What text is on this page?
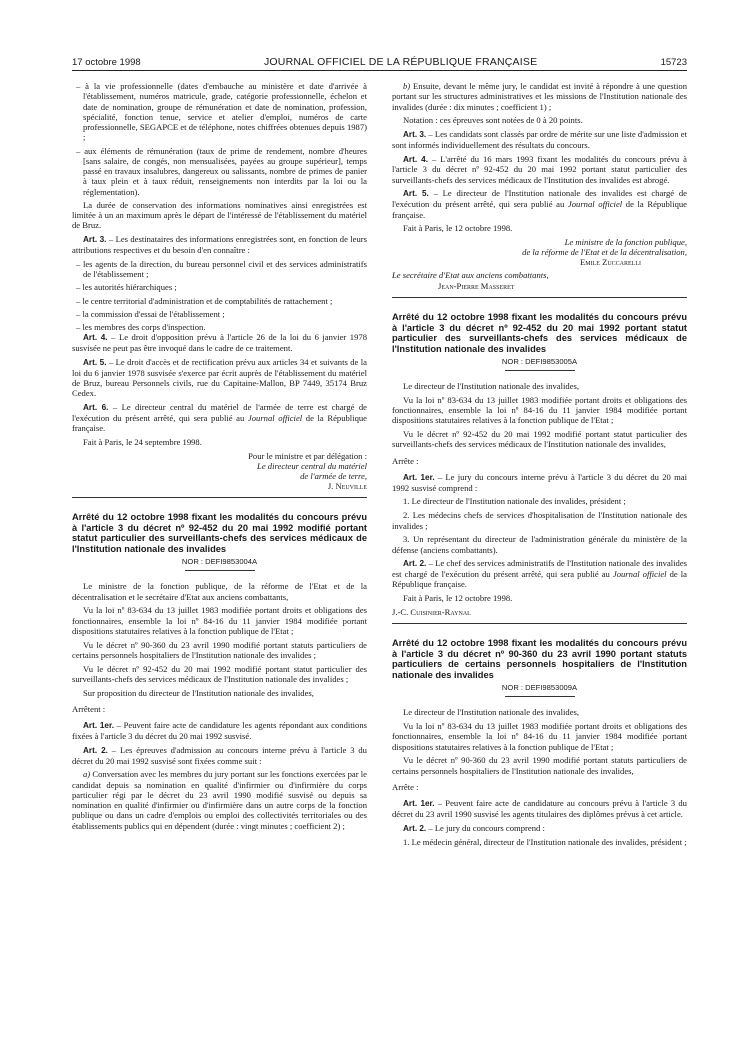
17 octobre 1998	JOURNAL OFFICIEL DE LA RÉPUBLIQUE FRANÇAISE	15723

– à la vie professionnelle (dates d'embauche au ministère et date d'arrivée à l'établissement, numéros matricule, grade, catégorie professionnelle, échelon et date de nomination, groupe de rémunération et date de nomination, profession, spécialité, fonction tenue, service et atelier d'emploi, numéros de carte professionnelle, SEGAPCE et de téléphone, notes chiffrées obtenues depuis 1987) ;

– aux éléments de rémunération (taux de prime de rendement, nombre d'heures [sans salaire, de congés, non mensualisées, payées au groupe supérieur], temps passé en travaux insalubres, dangereux ou salissants, nombre de primes de panier à taux plein et à taux réduit, renseignements non interdits par la loi ou la réglementation).

La durée de conservation des informations nominatives ainsi enregistrées est limitée à un an maximum après le départ de l'intéressé de l'établissement du matériel de Bruz.

Art. 3. – Les destinataires des informations enregistrées sont, en fonction de leurs attributions respectives et du besoin d'en connaître :

– les agents de la direction, du bureau personnel civil et des services administratifs de l'établissement ;

– les autorités hiérarchiques ;

– le centre territorial d'administration et de comptabilités de rattachement ;

– la commission d'essai de l'établissement ;

– les membres des corps d'inspection.

Art. 4. – Le droit d'opposition prévu à l'article 26 de la loi du 6 janvier 1978 susvisée ne peut pas être invoqué dans le cadre de ce traitement.

Art. 5. – Le droit d'accès et de rectification prévu aux articles 34 et suivants de la loi du 6 janvier 1978 susvisée s'exerce par écrit auprès de l'établissement du matériel de Bruz, bureau Personnels civils, rue du Capitaine-Mallon, BP 7449, 35174 Bruz Cedex.

Art. 6. – Le directeur central du matériel de l'armée de terre est chargé de l'exécution du présent arrêté, qui sera publié au Journal officiel de la République française.

Fait à Paris, le 24 septembre 1998.

Pour le ministre et par délégation :
Le directeur central du matériel
de l'armée de terre,
J. Neuville
Arrêté du 12 octobre 1998 fixant les modalités du concours prévu à l'article 3 du décret nº 92-452 du 20 mai 1992 modifié portant statut particulier des surveillants-chefs des services médicaux de l'Institution nationale des invalides
NOR : DEFI9853004A

Le ministre de la fonction publique, de la réforme de l'Etat et de la décentralisation et le secrétaire d'Etat aux anciens combattants,

Vu la loi nº 83-634 du 13 juillet 1983 modifiée portant droits et obligations des fonctionnaires, ensemble la loi nº 84-16 du 11 janvier 1984 modifiée portant dispositions statutaires relatives à la fonction publique de l'Etat ;

Vu le décret nº 90-360 du 23 avril 1990 modifié portant statuts particuliers de certains personnels hospitaliers de l'Institution nationale des invalides ;

Vu le décret nº 92-452 du 20 mai 1992 modifié portant statut particulier des surveillants-chefs des services médicaux de l'Institution nationale des invalides ;

Sur proposition du directeur de l'Institution nationale des invalides,

Arrêtent :

Art. 1er. – Peuvent faire acte de candidature les agents répondant aux conditions fixées à l'article 3 du décret du 20 mai 1992 susvisé.

Art. 2. – Les épreuves d'admission au concours interne prévu à l'article 3 du décret du 20 mai 1992 susvisé sont fixées comme suit :

a) Conversation avec les membres du jury portant sur les fonctions exercées par le candidat depuis sa nomination en qualité d'infirmier ou d'infirmière du corps particulier régi par le décret du 23 avril 1990 modifié susvisé ou depuis sa nomination en qualité d'infirmier ou d'infirmière dans un autre corps de la fonction publique ou dans un cadre d'emplois ou emploi des collectivités territoriales ou des établissements publics qui en dépendent (durée : vingt minutes ; coefficient 2) ;

b) Ensuite, devant le même jury, le candidat est invité à répondre à une question portant sur les structures administratives et les missions de l'Institution nationale des invalides (durée : dix minutes ; coefficient 1) ;

Notation : ces épreuves sont notées de 0 à 20 points.

Art. 3. – Les candidats sont classés par ordre de mérite sur une liste d'admission et sont informés individuellement des résultats du concours.

Art. 4. – L'arrêté du 16 mars 1993 fixant les modalités du concours prévu à l'article 3 du décret nº 92-452 du 20 mai 1992 portant statut particulier des surveillants-chefs des services médicaux de l'Institution des invalides est abrogé.

Art. 5. – Le directeur de l'Institution nationale des invalides est chargé de l'exécution du présent arrêté, qui sera publié au Journal officiel de la République française.

Fait à Paris, le 12 octobre 1998.

Le ministre de la fonction publique,
de la réforme de l'Etat et de la décentralisation,
Emile Zuccarelli
Le secrétaire d'Etat aux anciens combattants,
Jean-Pierre Masseret
Arrêté du 12 octobre 1998 fixant les modalités du concours prévu à l'article 3 du décret nº 92-452 du 20 mai 1992 portant statut particulier des surveillants-chefs des services médicaux de l'Institution nationale des invalides
NOR : DEFI9853005A

Le directeur de l'Institution nationale des invalides,

Vu la loi nº 83-634 du 13 juillet 1983 modifiée portant droits et obligations des fonctionnaires, ensemble la loi nº 84-16 du 11 janvier 1984 modifiée portant dispositions statutaires relatives à la fonction publique de l'Etat ;

Vu le décret nº 92-452 du 20 mai 1992 modifié portant statut particulier des surveillants-chefs des services médicaux de l'Institution nationale des invalides,

Arrête :

Art. 1er. – Le jury du concours interne prévu à l'article 3 du décret du 20 mai 1992 susvisé comprend :

1. Le directeur de l'Institution nationale des invalides, président ;

2. Les médecins chefs de services d'hospitalisation de l'Institution nationale des invalides ;

3. Un représentant du directeur de l'administration générale du ministère de la défense (anciens combattants).

Art. 2. – Le chef des services administratifs de l'Institution nationale des invalides est chargé de l'exécution du présent arrêté, qui sera publié au Journal officiel de la République française.

Fait à Paris, le 12 octobre 1998.

J.-C. Cuisinier-Raynal

Arrêté du 12 octobre 1998 fixant les modalités du concours prévu à l'article 3 du décret nº 90-360 du 23 avril 1990 portant statuts particuliers de certains personnels hospitaliers de l'Institution nationale des invalides
NOR : DEFI9853009A

Le directeur de l'Institution nationale des invalides,

Vu la loi nº 83-634 du 13 juillet 1983 modifiée portant droits et obligations des fonctionnaires, ensemble la loi nº 84-16 du 11 janvier 1984 modifiée portant dispositions statutaires relatives à la fonction publique de l'Etat ;

Vu le décret nº 90-360 du 23 avril 1990 modifié portant statuts particuliers de certains personnels hospitaliers de l'Institution nationale des invalides,

Arrête :

Art. 1er. – Peuvent faire acte de candidature au concours prévu à l'article 3 du décret du 23 avril 1990 susvisé les agents titulaires des diplômes prévus à cet article.

Art. 2. – Le jury du concours comprend :

1. Le médecin général, directeur de l'Institution nationale des invalides, président ;
